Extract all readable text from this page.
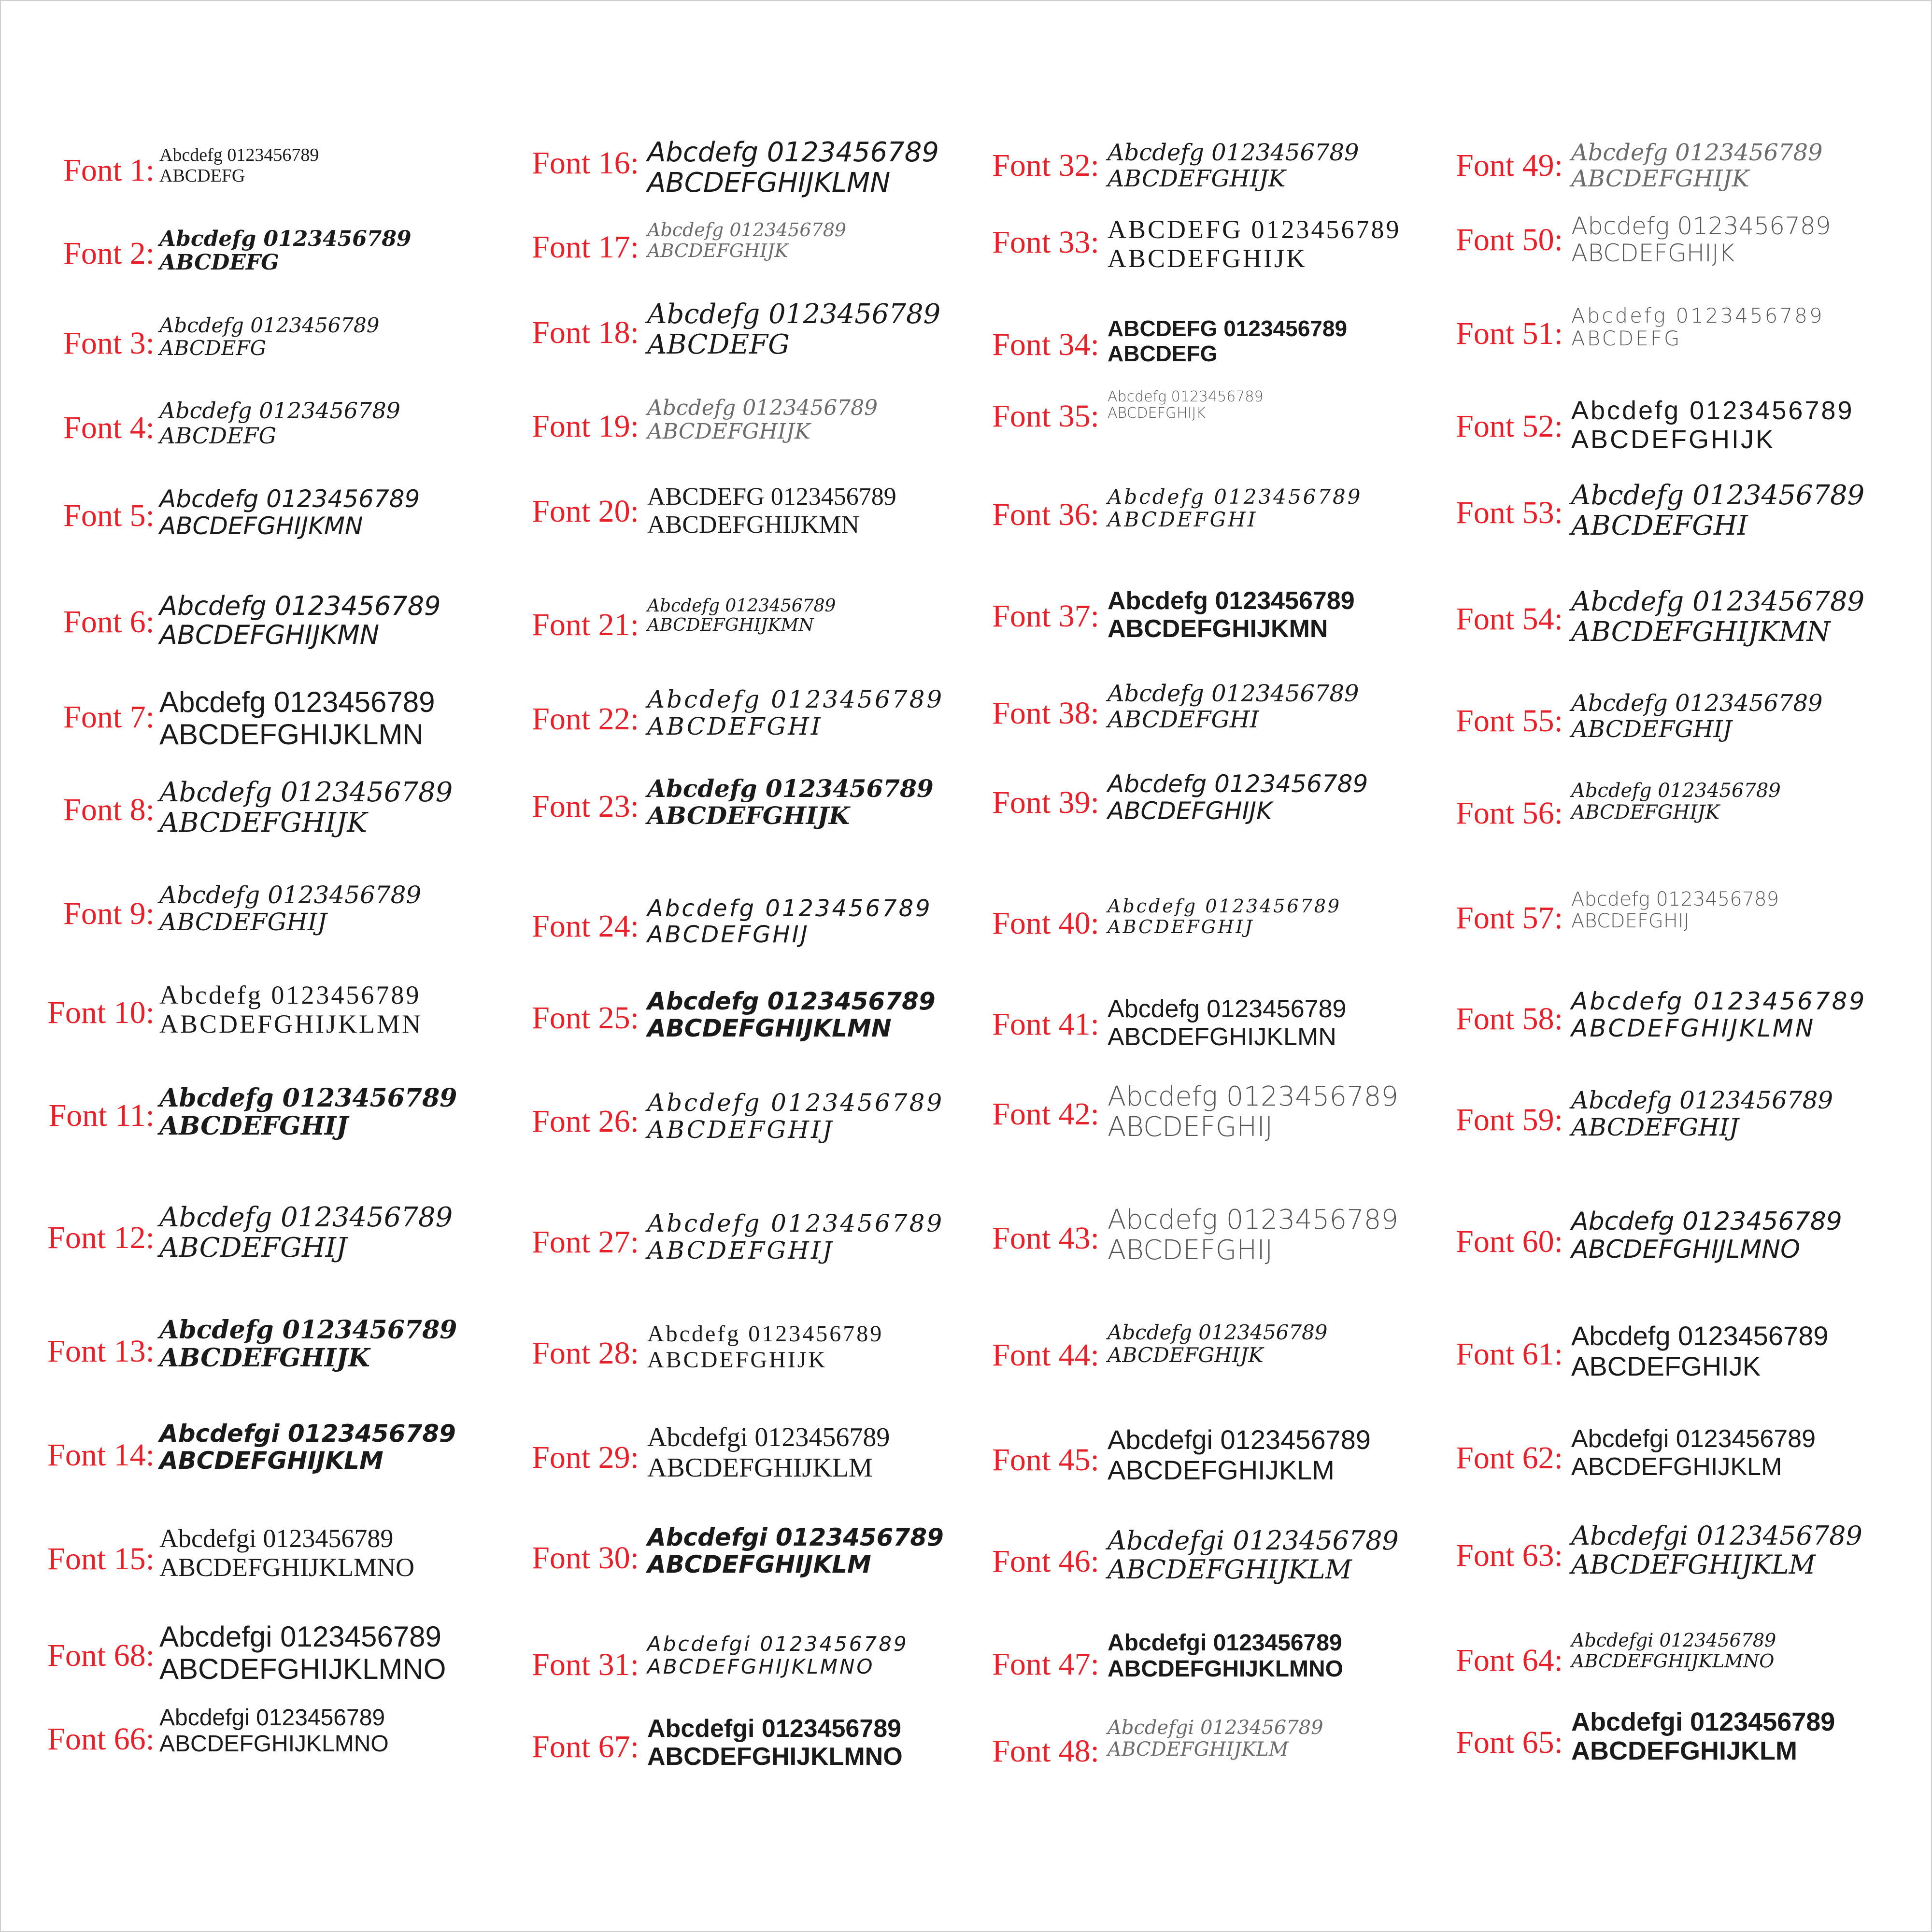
Font 1: Abcdefg 0123456789
ABCDEFG
Font 2: Abcdefg 0123456789
ABCDEFG
Font 3:
Abcdefg 0123456789
ABCDEFG
Font 4: Abcdefg 0123456789
ABCDEFG
Font 5: Abcdefg 0123456789
ABCDEFGHIJKMN
Font 6: Abcdefg 0123456789
ABCDEFGHIJKMN
Font 7: Abcdefg 0123456789
ABCDEFGHIJKLMN
Font 8: Abcdefg 0123456789
ABCDEFGHIJK
Font 9:
Abcdefg 0123456789
ABCDEFGHIJ
Font 10: Abcdefg 0123456789
ABCDEFGHIJKLMN
Font 11: Abcdefg 0123456789
ABCDEFGHIJ
Font 12:
Abcdefg 0123456789
ABCDEFGHIJ
Font 13:
Abcdefg 0123456789
ABCDEFGHIJK
Font 14:
Abcdefgi 0123456789
ABCDEFGHIJKLM
Font 15:
Abcdefgi 0123456789
ABCDEFGHIJKLMNO
Font 68:
Abcdefgi 0123456789
ABCDEFGHIJKLMNO
Font 66:
Abcdefgi 0123456789
ABCDEFGHIJKLMNO
Font 16: Abcdefg 0123456789
ABCDEFGHIJKLMN
Font 17: Abcdefg 0123456789
ABCDEFGHIJK
Font 18:
Abcdefg 0123456789
ABCDEFG
Font 19:
Abcdefg 0123456789
ABCDEFGHIJK
Font 20: ABCDEFG 0123456789
ABCDEFGHIJKMN
Font 21:
Abcdefg 0123456789
ABCDEFGHIJKMN
Font 22:
Abcdefg 0123456789
ABCDEFGHI
Font 23:
Abcdefg 0123456789
ABCDEFGHIJK
Font 24: Abcdefg 0123456789
ABCDEFGHIJ
Font 25: Abcdefg 0123456789
ABCDEFGHIJKLMN
Font 26:
Abcdefg 0123456789
ABCDEFGHIJ
Font 27:
Abcdefg 0123456789
ABCDEFGHIJ
Font 28:
Abcdefg 0123456789
ABCDEFGHIJK
Font 29:
Abcdefgi 0123456789
ABCDEFGHIJKLM
Font 30:
Abcdefgi 0123456789
ABCDEFGHIJKLM
Font 31:
Abcdefgi 0123456789
ABCDEFGHIJKLMNO
Font 67:
Abcdefgi 0123456789
ABCDEFGHIJKLMNO
Font 32: Abcdefg 0123456789
ABCDEFGHIJK
Font 33: ABCDEFG 0123456789
ABCDEFGHIJK
Font 34: ABCDEFG 0123456789
ABCDEFG
Font 35:
Abcdefg 0123456789
ABCDEFGHIJK
Font 36:
Abcdefg 0123456789
ABCDEFGHI
Font 37: Abcdefg 0123456789
ABCDEFGHIJKMN
Font 38:
Abcdefg 0123456789
ABCDEFGHI
Font 39:
Abcdefg 0123456789
ABCDEFGHIJK
Font 40: Abcdefg 0123456789
ABCDEFGHIJ
Font 41: Abcdefg 0123456789
ABCDEFGHIJKLMN
Font 42: Abcdefg 0123456789
ABCDEFGHIJ
Font 43:
Abcdefg 0123456789
ABCDEFGHIJ
Font 44:
Abcdefg 0123456789
ABCDEFGHIJK
Font 45:
Abcdefgi 0123456789
ABCDEFGHIJKLM
Font 46:
Abcdefgi 0123456789
ABCDEFGHIJKLM
Font 47:
Abcdefgi 0123456789
ABCDEFGHIJKLMNO
Font 48:
Abcdefgi 0123456789
ABCDEFGHIJKLM
Font 49: Abcdefg 0123456789
ABCDEFGHIJK
Font 50: Abcdefg 0123456789
ABCDEFGHIJK
Font 51:
Abcdefg 0123456789
ABCDEFG
Font 52: Abcdefg 0123456789
ABCDEFGHIJK
Font 53: Abcdefg 0123456789
ABCDEFGHI
Font 54: Abcdefg 0123456789
ABCDEFGHIJKMN
Font 55: Abcdefg 0123456789
ABCDEFGHIJ
Font 56:
Abcdefg 0123456789
ABCDEFGHIJK
Font 57:
Abcdefg 0123456789
ABCDEFGHIJ
Font 58: Abcdefg 0123456789
ABCDEFGHIJKLMN
Font 59:
Abcdefg 0123456789
ABCDEFGHIJ
Font 60:
Abcdefg 0123456789
ABCDEFGHIJLMNO
Font 61:
Abcdefg 0123456789
ABCDEFGHIJK
Font 62:
Abcdefgi 0123456789
ABCDEFGHIJKLM
Font 63:
Abcdefgi 0123456789
ABCDEFGHIJKLM
Font 64:
Abcdefgi 0123456789
ABCDEFGHIJKLMNO
Font 65:
Abcdefgi 0123456789
ABCDEFGHIJKLM
